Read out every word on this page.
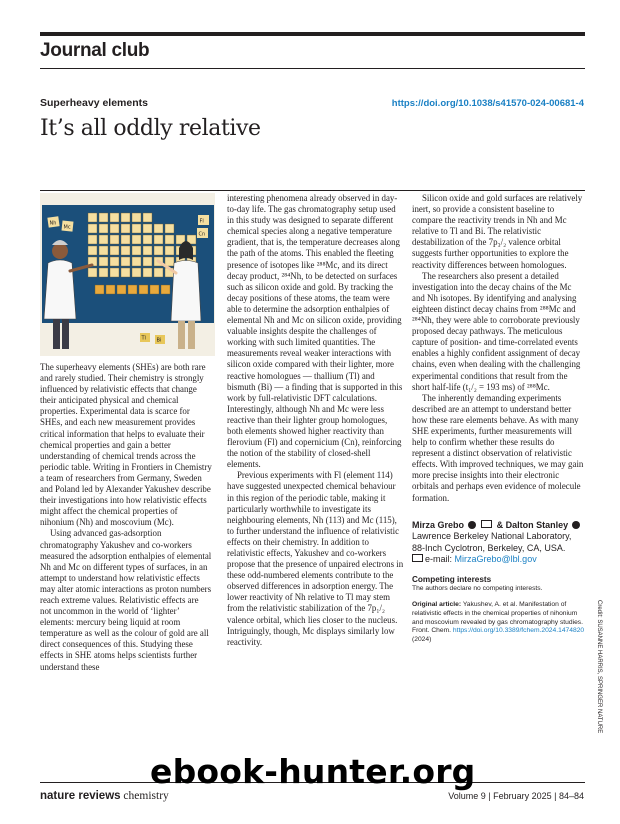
Journal club
Superheavy elements	https://doi.org/10.1038/s41570-024-00681-4
It’s all oddly relative
Nh
Mc
Fl
Cn
Tl Bi

The superheavy elements (SHEs) are both rare and rarely studied. Their chemistry is strongly influenced by relativistic effects that change their anticipated physical and chemical properties. Experimental data is scarce for SHEs, and each new measurement provides critical information that helps to evaluate their chemical properties and gain a better understanding of chemical trends across the periodic table. Writing in Frontiers in Chemistry a team of researchers from Germany, Sweden and Poland led by Alexander Yakushev describe their investigations into how relativistic effects might affect the chemical properties of nihonium (Nh) and moscovium (Mc).

Using advanced gas-adsorption chromatography Yakushev and co-workers measured the adsorption enthalpies of elemental Nh and Mc on different types of surfaces, in an attempt to understand how relativistic effects may alter atomic interactions as proton numbers reach extreme values. Relativistic effects are not uncommon in the world of ‘lighter’ elements: mercury being liquid at room temperature as well as the colour of gold are all direct consequences of this. Studying these effects in SHE atoms helps scientists further understand these

interesting phenomena already observed in day-to-day life. The gas chromatography setup used in this study was designed to separate different chemical species along a negative temperature gradient, that is, the temperature decreases along the path of the atoms. This enabled the fleeting presence of isotopes like ²⁸⁸Mc, and its direct decay product, ²⁸⁴Nh, to be detected on surfaces such as silicon oxide and gold. By tracking the decay positions of these atoms, the team were able to determine the adsorption enthalpies of elemental Nh and Mc on silicon oxide, providing valuable insights despite the challenges of working with such limited quantities. The measurements reveal weaker interactions with silicon oxide compared with their lighter, more reactive homologues — thallium (Tl) and bismuth (Bi) — a finding that is supported in this work by full-relativistic DFT calculations. Interestingly, although Nh and Mc were less reactive than their lighter group homologues, both elements showed higher reactivity than flerovium (Fl) and copernicium (Cn), reinforcing the notion of the stability of closed-shell elements.

Previous experiments with Fl (element 114) have suggested unexpected chemical behaviour in this region of the periodic table, making it particularly worthwhile to investigate its neighbouring elements, Nh (113) and Mc (115), to further understand the influence of relativistic effects on their chemistry. In addition to relativistic effects, Yakushev and co-workers propose that the presence of unpaired electrons in these odd-numbered elements contribute to the observed differences in adsorption energy. The lower reactivity of Nh relative to Tl may stem from the relativistic stabilization of the 7p₁/₂ valence orbital, which lies closer to the nucleus. Intriguingly, though, Mc displays similarly low reactivity.

Silicon oxide and gold surfaces are relatively inert, so provide a consistent baseline to compare the reactivity trends in Nh and Mc relative to Tl and Bi. The relativistic destabilization of the 7p₃/₂ valence orbital suggests further opportunities to explore the reactivity differences between homologues.

The researchers also present a detailed investigation into the decay chains of the Mc and Nh isotopes. By identifying and analysing eighteen distinct decay chains from ²⁸⁸Mc and ²⁸⁴Nh, they were able to corroborate previously proposed decay pathways. The meticulous capture of position- and time-correlated events enables a highly confident assignment of decay chains, even when dealing with the challenging experimental conditions that result from the short half-life (t₁/₂ = 193 ms) of ²⁸⁸Mc.

The inherently demanding experiments described are an attempt to understand better how these rare elements behave. As with many SHE experiments, further measurements will help to confirm whether these results do represent a distinct observation of relativistic effects. With improved techniques, we may gain more precise insights into their electronic orbitals and perhaps even evidence of molecule formation.

Mirza Grebo	& Dalton Stanley
Lawrence Berkeley National Laboratory,
88-Inch Cyclotron, Berkeley, CA, USA.
e-mail: MirzaGrebo@lbl.gov
Competing interests
The authors declare no competing interests.
Original article: Yakushev, A. et al. Manifestation of relativistic effects in the chemical properties of nihonium and moscovium revealed by gas chromatography studies. Front. Chem. https://doi.org/10.3389/fchem.2024.1474820 (2024)	Credit: SUSANNE HARRIS, SPRINGER NATURE
nature reviews chemistry	Volume 9 | February 2025 | 84–84
ebook-hunter.org
